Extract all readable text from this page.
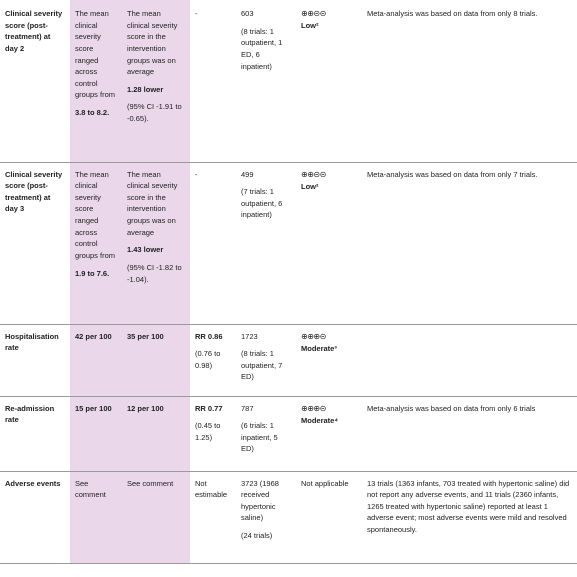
Clinical severity score (post-treatment) at day 2	The mean clinical severity score ranged across control groups from
3.8 to 8.2.	The mean clinical severity score in the intervention groups was on average
1.28 lower
(95% CI -1.91 to -0.65).	-	603
(8 trials: 1 outpatient, 1 ED, 6 inpatient)	⊕⊕⊝⊝
Low²	Meta-analysis was based on data from only 8 trials.
Clinical severity score (post-treatment) at day 3	The mean clinical severity score ranged across control groups from
1.9 to 7.6.	The mean clinical severity score in the intervention groups was on average
1.43 lower
(95% CI -1.82 to -1.04).	-	499
(7 trials: 1 outpatient, 6 inpatient)	⊕⊕⊝⊝
Low²	Meta-analysis was based on data from only 7 trials.
Hospitalisation rate	42 per 100	35 per 100	RR 0.86
(0.76 to 0.98)	1723
(8 trials: 1 outpatient, 7 ED)	⊕⊕⊕⊝
Moderate³	
Re-admission rate	15 per 100	12 per 100	RR 0.77
(0.45 to 1.25)	787
(6 trials: 1 inpatient, 5 ED)	⊕⊕⊕⊝
Moderate⁴	Meta-analysis was based on data from only 6 trials
Adverse events	See comment	See comment	Not estimable	3723 (1968 received hypertonic saline)
(24 trials)	Not applicable	13 trials (1363 infants, 703 treated with hypertonic saline) did not report any adverse events, and 11 trials (2360 infants, 1265 treated with hypertonic saline) reported at least 1 adverse event; most adverse events were mild and resolved spontaneously.
